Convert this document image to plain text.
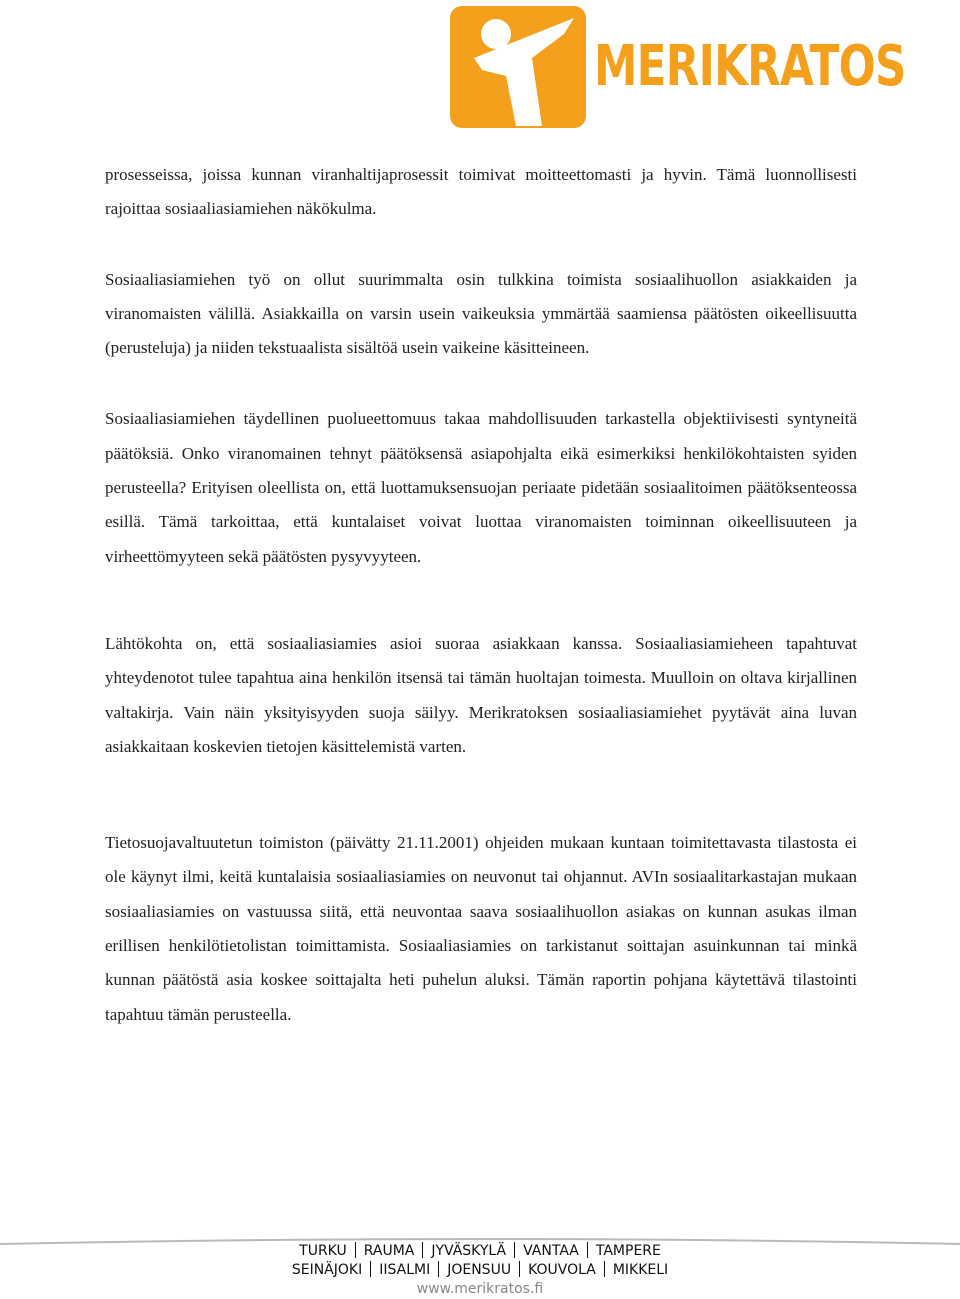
MERIKRATOS

prosesseissa, joissa kunnan viranhaltijaprosessit toimivat moitteettomasti ja hyvin. Tämä luonnollisesti rajoittaa sosiaaliasiamiehen näkökulma.

Sosiaaliasiamiehen työ on ollut suurimmalta osin tulkkina toimista sosiaalihuollon asiakkaiden ja viranomaisten välillä. Asiakkailla on varsin usein vaikeuksia ymmärtää saamiensa päätösten oikeellisuutta (perusteluja) ja niiden tekstuaalista sisältöä usein vaikeine käsitteineen.

Sosiaaliasiamiehen täydellinen puolueettomuus takaa mahdollisuuden tarkastella objektiivisesti syntyneitä päätöksiä. Onko viranomainen tehnyt päätöksensä asiapohjalta eikä esimerkiksi henkilökohtaisten syiden perusteella? Erityisen oleellista on, että luottamuksensuojan periaate pidetään sosiaalitoimen päätöksenteossa esillä. Tämä tarkoittaa, että kuntalaiset voivat luottaa viranomaisten toiminnan oikeellisuuteen ja virheettömyyteen sekä päätösten pysyvyyteen.

Lähtökohta on, että sosiaaliasiamies asioi suoraa asiakkaan kanssa. Sosiaaliasiamieheen tapahtuvat yhteydenotot tulee tapahtua aina henkilön itsensä tai tämän huoltajan toimesta. Muulloin on oltava kirjallinen valtakirja. Vain näin yksityisyyden suoja säilyy. Merikratoksen sosiaaliasiamiehet pyytävät aina luvan asiakkaitaan koskevien tietojen käsittelemistä varten.

Tietosuojavaltuutetun toimiston (päivätty 21.11.2001) ohjeiden mukaan kuntaan toimitettavasta tilastosta ei ole käynyt ilmi, keitä kuntalaisia sosiaaliasiamies on neuvonut tai ohjannut. AVIn sosiaalitarkastajan mukaan sosiaaliasiamies on vastuussa siitä, että neuvontaa saava sosiaalihuollon asiakas on kunnan asukas ilman erillisen henkilötietolistan toimittamista. Sosiaaliasiamies on tarkistanut soittajan asuinkunnan tai minkä kunnan päätöstä asia koskee soittajalta heti puhelun aluksi. Tämän raportin pohjana käytettävä tilastointi tapahtuu tämän perusteella.

TURKU RAUMA JYVÄSKYLÄ VANTAA TAMPERE
SEINÄJOKI IISALMI JOENSUU KOUVOLA MIKKELI
www.merikratos.fi
